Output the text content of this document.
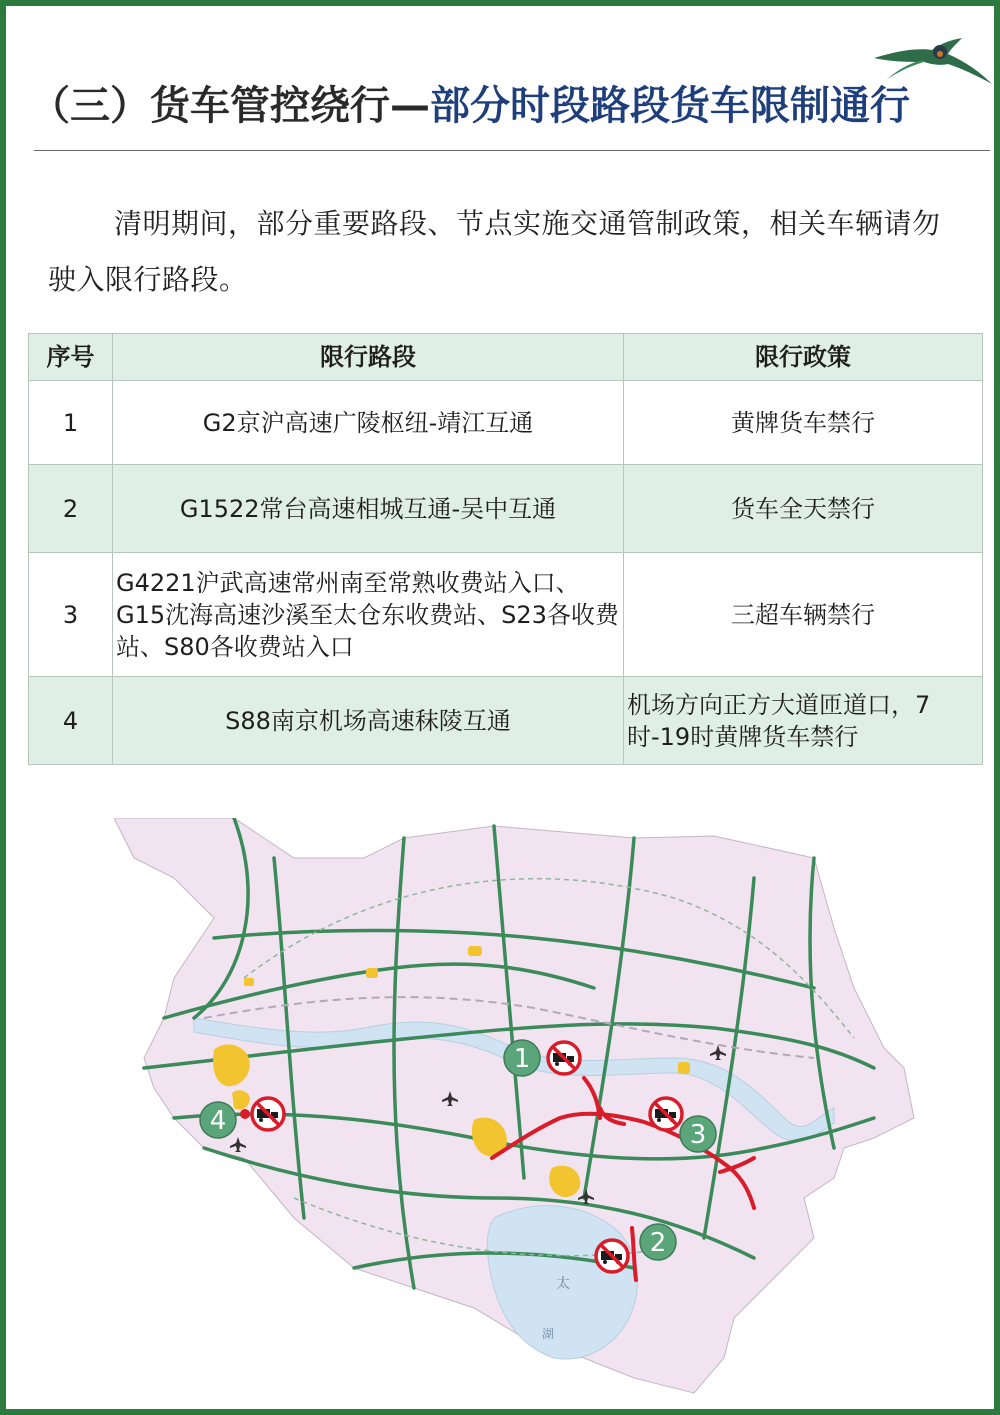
（三）货车管控绕行—部分时段路段货车限制通行
清明期间，部分重要路段、节点实施交通管制政策，相关车辆请勿驶入限行路段。
序号	限行路段	限行政策
1	G2京沪高速广陵枢纽-靖江互通	黄牌货车禁行
2	G1522常台高速相城互通-吴中互通	货车全天禁行
3	G4221沪武高速常州南至常熟收费站入口、G15沈海高速沙溪至太仓东收费站、S23各收费站、S80各收费站入口	三超车辆禁行
4	S88南京机场高速秣陵互通	机场方向正方大道匝道口，7时-19时黄牌货车禁行
太
湖
1
2
3
4
